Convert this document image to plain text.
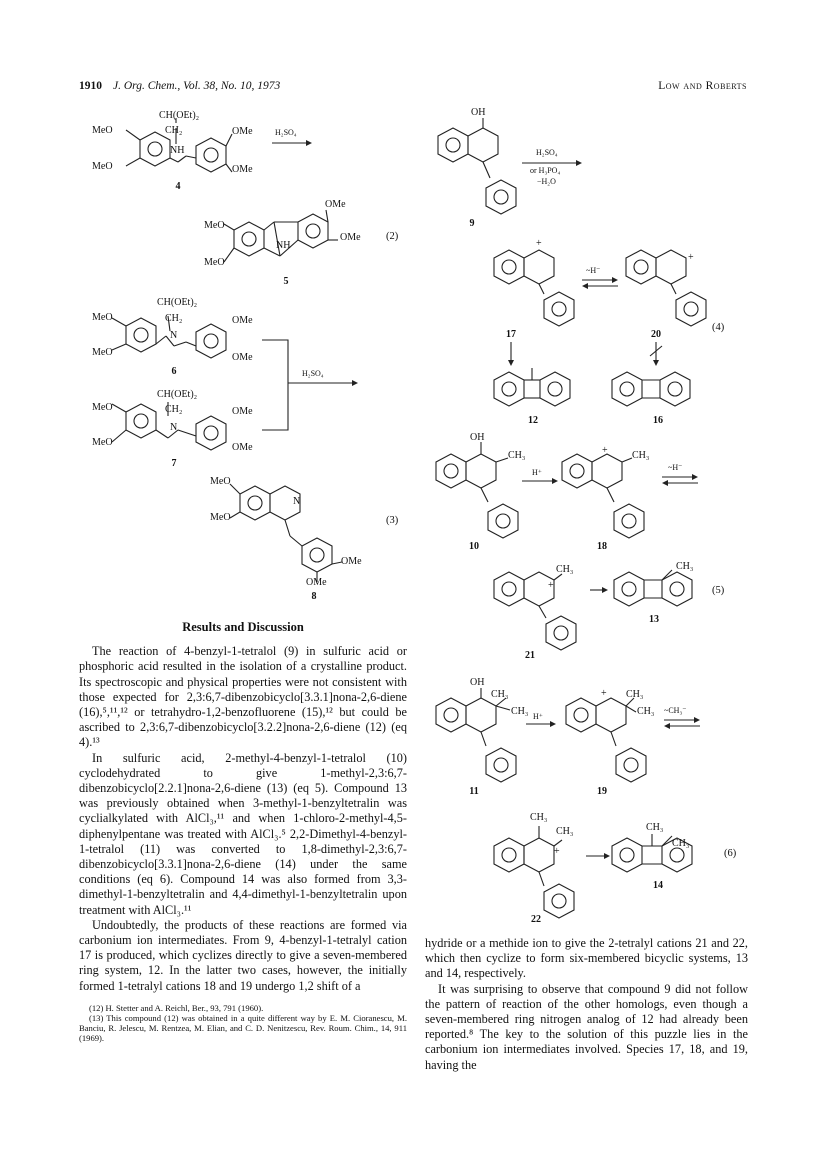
1910 J. Org. Chem., Vol. 38, No. 10, 1973	Low and Roberts
CH(OEt)₂
CH₂
NH
MeO
MeO
OMe
OMe
H₂SO₄
4
OMe
MeO
MeO
NH
OMe (2)
5
CH(OEt)₂
CH₂
N
MeO
MeO
OMe
OMe
6	H₂SO₄
CH(OEt)₂
CH₂
N
MeO
MeO
OMe
OMe
7
MeO
MeO
N
OMe
OMe
(3)
8
OH
H₂SO₄
or H₃PO₄
−H₂O
9
+
~H⁻
+
17	20
(4)
12	16
OH
CH₃
H⁺
+ CH₃
~H⁻
10	18
CH₃
+
CH₃
(5)
21
13
OH
CH₃
CH₃ H⁺
+ CH₃
CH₃ ~CH₃⁻
11	19
CH₃
CH₃
+
CH₃
CH₃
(6)
22
14
Results and Discussion

The reaction of 4-benzyl-1-tetralol (9) in sulfuric acid or phosphoric acid resulted in the isolation of a crystalline product. Its spectroscopic and physical properties were not consistent with those expected for 2,3:6,7-dibenzobicyclo[3.3.1]nona-2,6-diene (16),⁵,¹¹,¹² or tetrahydro-1,2-benzofluorene (15),¹² but could be ascribed to 2,3:6,7-dibenzobicyclo[3.2.2]nona-2,6-diene (12) (eq 4).¹³

In sulfuric acid, 2-methyl-4-benzyl-1-tetralol (10) cyclodehydrated to give 1-methyl-2,3:6,7-dibenzobicyclo[2.2.1]nona-2,6-diene (13) (eq 5). Compound 13 was previously obtained when 3-methyl-1-benzyltetralin was cyclialkylated with AlCl₃,¹¹ and when 1-chloro-2-methyl-4,5-diphenylpentane was treated with AlCl₃.⁵ 2,2-Dimethyl-4-benzyl-1-tetralol (11) was converted to 1,8-dimethyl-2,3:6,7-dibenzobicyclo[3.3.1]nona-2,6-diene (14) under the same conditions (eq 6). Compound 14 was also formed from 3,3-dimethyl-1-benzyltetralin and 4,4-dimethyl-1-benzyltetralin upon treatment with AlCl₃.¹¹

Undoubtedly, the products of these reactions are formed via carbonium ion intermediates. From 9, 4-benzyl-1-tetralyl cation 17 is produced, which cyclizes directly to give a seven-membered ring system, 12. In the latter two cases, however, the initially formed 1-tetralyl cations 18 and 19 undergo 1,2 shift of a

(12) H. Stetter and A. Reichl, Ber., 93, 791 (1960).
(13) This compound (12) was obtained in a quite different way by E. M. Cioranescu, M. Banciu, R. Jelescu, M. Rentzea, M. Elian, and C. D. Nenitzescu, Rev. Roum. Chim., 14, 911 (1969).

hydride or a methide ion to give the 2-tetralyl cations 21 and 22, which then cyclize to form six-membered bicyclic systems, 13 and 14, respectively.

It was surprising to observe that compound 9 did not follow the pattern of reaction of the other homologs, even though a seven-membered ring nitrogen analog of 12 had already been reported.⁸ The key to the solution of this puzzle lies in the carbonium ion intermediates involved. Species 17, 18, and 19, having the
